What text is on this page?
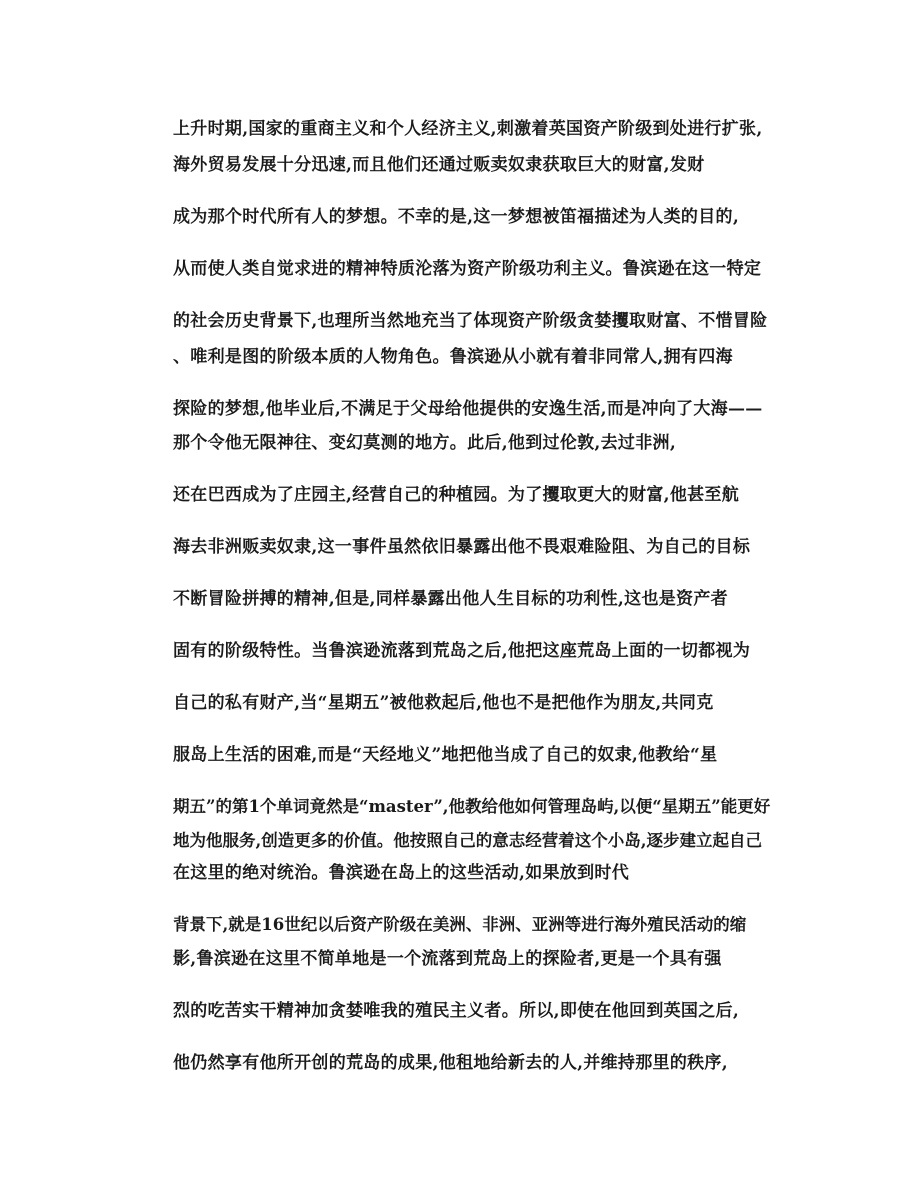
上升时期,国家的重商主义和个人经济主义,刺激着英国资产阶级到处进行扩张,
海外贸易发展十分迅速,而且他们还通过贩卖奴隶获取巨大的财富,发财
成为那个时代所有人的梦想。不幸的是,这一梦想被笛福描述为人类的目的,
从而使人类自觉求进的精神特质沦落为资产阶级功利主义。鲁滨逊在这一特定
的社会历史背景下,也理所当然地充当了体现资产阶级贪婪攫取财富、不惜冒险
、唯利是图的阶级本质的人物角色。鲁滨逊从小就有着非同常人,拥有四海
探险的梦想,他毕业后,不满足于父母给他提供的安逸生活,而是冲向了大海——
那个令他无限神往、变幻莫测的地方。此后,他到过伦敦,去过非洲,
还在巴西成为了庄园主,经营自己的种植园。为了攫取更大的财富,他甚至航
海去非洲贩卖奴隶,这一事件虽然依旧暴露出他不畏艰难险阻、为自己的目标
不断冒险拼搏的精神,但是,同样暴露出他人生目标的功利性,这也是资产者
固有的阶级特性。当鲁滨逊流落到荒岛之后,他把这座荒岛上面的一切都视为
自己的私有财产,当“星期五”被他救起后,他也不是把他作为朋友,共同克
服岛上生活的困难,而是“天经地义”地把他当成了自己的奴隶,他教给“星
期五”的第1个单词竟然是“master”,他教给他如何管理岛屿,以便“星期五”能更好
地为他服务,创造更多的价值。他按照自己的意志经营着这个小岛,逐步建立起自己
在这里的绝对统治。鲁滨逊在岛上的这些活动,如果放到时代
背景下,就是16世纪以后资产阶级在美洲、非洲、亚洲等进行海外殖民活动的缩
影,鲁滨逊在这里不简单地是一个流落到荒岛上的探险者,更是一个具有强
烈的吃苦实干精神加贪婪唯我的殖民主义者。所以,即使在他回到英国之后,
他仍然享有他所开创的荒岛的成果,他租地给新去的人,并维持那里的秩序,
